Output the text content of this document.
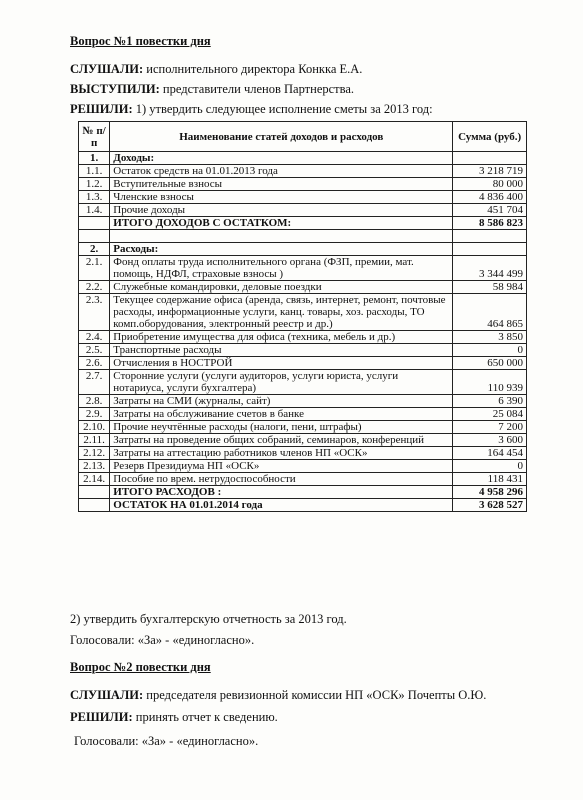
Вопрос №1 повестки дня
СЛУШАЛИ: исполнительного директора Конкка Е.А.
ВЫСТУПИЛИ: представители членов Партнерства.
РЕШИЛИ: 1) утвердить следующее исполнение сметы за 2013 год:
№ п/п	Наименование статей доходов и расходов	Сумма (руб.)
1.	Доходы:	
1.1.	Остаток средств на 01.01.2013 года	3 218 719
1.2.	Вступительные взносы	80 000
1.3.	Членские взносы	4 836 400
1.4.	Прочие доходы	451 704
	ИТОГО ДОХОДОВ С ОСТАТКОМ:	8 586 823

2.	Расходы:	
2.1.	Фонд оплаты труда исполнительного органа (ФЗП, премии, мат. помощь, НДФЛ, страховые взносы )	3 344 499
2.2.	Служебные командировки, деловые поездки	58 984
2.3.	Текущее содержание офиса (аренда, связь, интернет, ремонт, почтовые расходы, информационные услуги, канц. товары, хоз. расходы, ТО комп.оборудования, электронный реестр и др.)	464 865
2.4.	Приобретение имущества для офиса (техника, мебель и др.)	3 850
2.5.	Транспортные расходы	0
2.6.	Отчисления в НОСТРОЙ	650 000
2.7.	Сторонние услуги (услуги аудиторов, услуги юриста, услуги нотариуса, услуги бухгалтера)	110 939
2.8.	Затраты на СМИ (журналы, сайт)	6 390
2.9.	Затраты на обслуживание счетов в банке	25 084
2.10.	Прочие неучтённые расходы (налоги, пени, штрафы)	7 200
2.11.	Затраты на проведение общих собраний, семинаров, конференций	3 600
2.12.	Затраты на аттестацию работников членов НП «ОСК»	164 454
2.13.	Резерв Президиума НП «ОСК»	0
2.14.	Пособие по врем. нетрудоспособности	118 431
	ИТОГО РАСХОДОВ :	4 958 296
	ОСТАТОК НА 01.01.2014 года	3 628 527
2) утвердить бухгалтерскую отчетность за 2013 год.
Голосовали: «За» - «единогласно».
Вопрос №2 повестки дня
СЛУШАЛИ: председателя ревизионной комиссии НП «ОСК» Почепты О.Ю.
РЕШИЛИ: принять отчет к сведению.
Голосовали: «За» - «единогласно».
